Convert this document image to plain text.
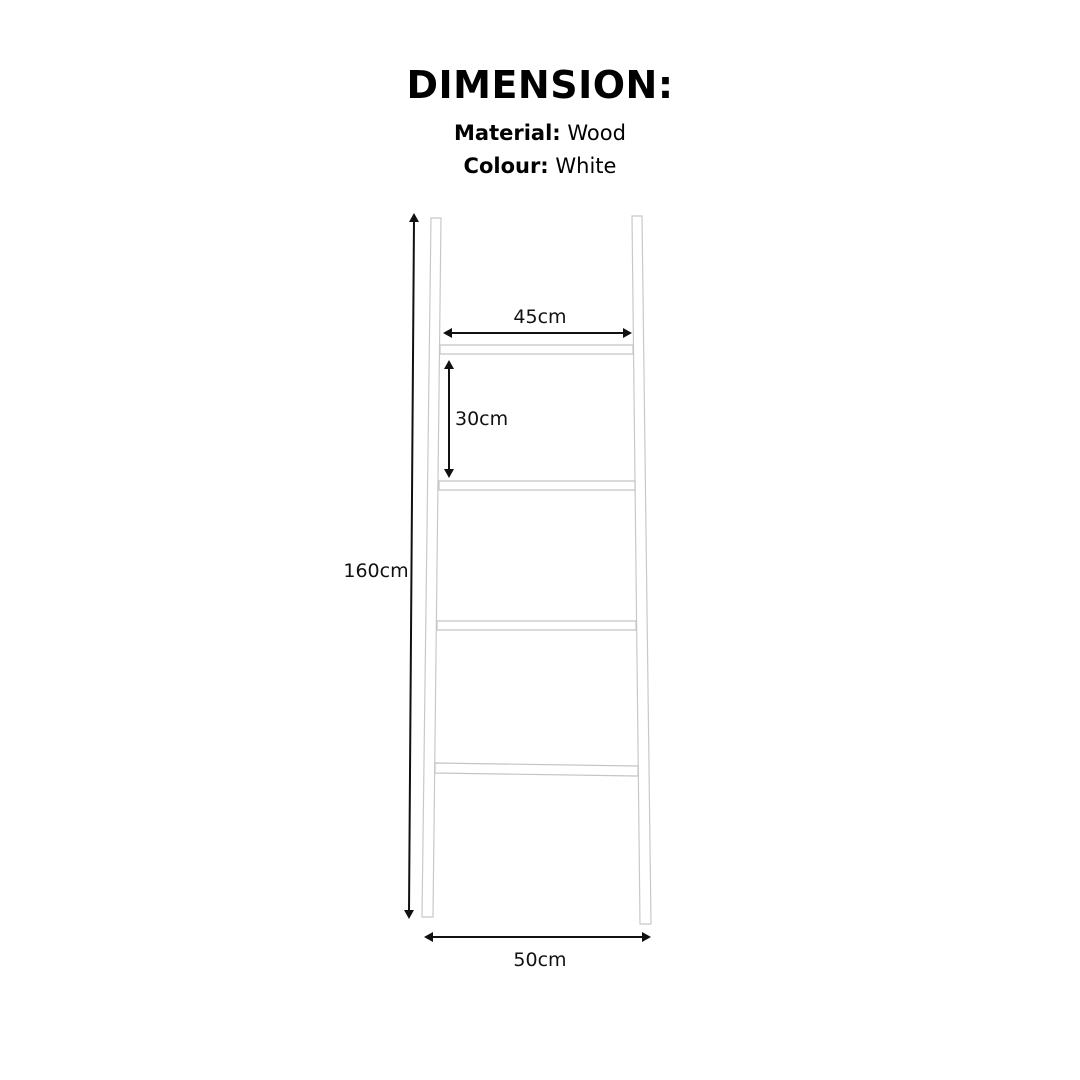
DIMENSION:
Material: Wood
Colour: White
45cm
30cm
160cm
50cm
